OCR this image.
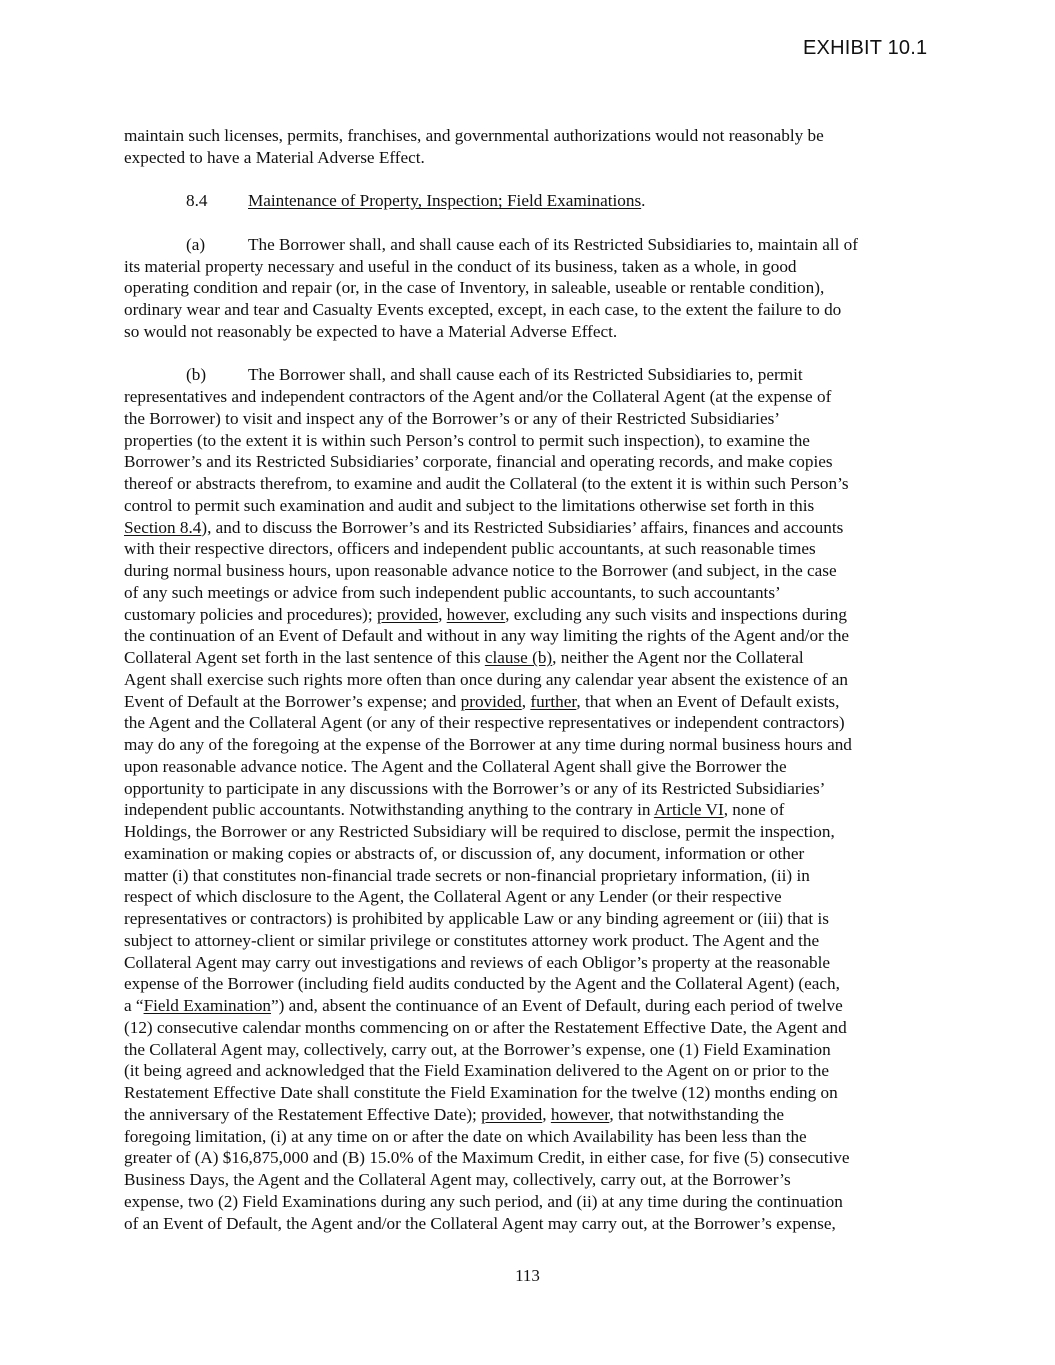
EXHIBIT 10.1
maintain such licenses, permits, franchises, and governmental authorizations would not reasonably be
expected to have a Material Adverse Effect.
8.4 Maintenance of Property, Inspection; Field Examinations.
(a) The Borrower shall, and shall cause each of its Restricted Subsidiaries to, maintain all of
its material property necessary and useful in the conduct of its business, taken as a whole, in good
operating condition and repair (or, in the case of Inventory, in saleable, useable or rentable condition),
ordinary wear and tear and Casualty Events excepted, except, in each case, to the extent the failure to do
so would not reasonably be expected to have a Material Adverse Effect.
(b) The Borrower shall, and shall cause each of its Restricted Subsidiaries to, permit
representatives and independent contractors of the Agent and/or the Collateral Agent (at the expense of
the Borrower) to visit and inspect any of the Borrower’s or any of their Restricted Subsidiaries’
properties (to the extent it is within such Person’s control to permit such inspection), to examine the
Borrower’s and its Restricted Subsidiaries’ corporate, financial and operating records, and make copies
thereof or abstracts therefrom, to examine and audit the Collateral (to the extent it is within such Person’s
control to permit such examination and audit and subject to the limitations otherwise set forth in this
Section 8.4), and to discuss the Borrower’s and its Restricted Subsidiaries’ affairs, finances and accounts
with their respective directors, officers and independent public accountants, at such reasonable times
during normal business hours, upon reasonable advance notice to the Borrower (and subject, in the case
of any such meetings or advice from such independent public accountants, to such accountants’
customary policies and procedures); provided, however, excluding any such visits and inspections during
the continuation of an Event of Default and without in any way limiting the rights of the Agent and/or the
Collateral Agent set forth in the last sentence of this clause (b), neither the Agent nor the Collateral
Agent shall exercise such rights more often than once during any calendar year absent the existence of an
Event of Default at the Borrower’s expense; and provided, further, that when an Event of Default exists,
the Agent and the Collateral Agent (or any of their respective representatives or independent contractors)
may do any of the foregoing at the expense of the Borrower at any time during normal business hours and
upon reasonable advance notice. The Agent and the Collateral Agent shall give the Borrower the
opportunity to participate in any discussions with the Borrower’s or any of its Restricted Subsidiaries’
independent public accountants. Notwithstanding anything to the contrary in Article VI, none of
Holdings, the Borrower or any Restricted Subsidiary will be required to disclose, permit the inspection,
examination or making copies or abstracts of, or discussion of, any document, information or other
matter (i) that constitutes non-financial trade secrets or non-financial proprietary information, (ii) in
respect of which disclosure to the Agent, the Collateral Agent or any Lender (or their respective
representatives or contractors) is prohibited by applicable Law or any binding agreement or (iii) that is
subject to attorney-client or similar privilege or constitutes attorney work product. The Agent and the
Collateral Agent may carry out investigations and reviews of each Obligor’s property at the reasonable
expense of the Borrower (including field audits conducted by the Agent and the Collateral Agent) (each,
a “Field Examination”) and, absent the continuance of an Event of Default, during each period of twelve
(12) consecutive calendar months commencing on or after the Restatement Effective Date, the Agent and
the Collateral Agent may, collectively, carry out, at the Borrower’s expense, one (1) Field Examination
(it being agreed and acknowledged that the Field Examination delivered to the Agent on or prior to the
Restatement Effective Date shall constitute the Field Examination for the twelve (12) months ending on
the anniversary of the Restatement Effective Date); provided, however, that notwithstanding the
foregoing limitation, (i) at any time on or after the date on which Availability has been less than the
greater of (A) $16,875,000 and (B) 15.0% of the Maximum Credit, in either case, for five (5) consecutive
Business Days, the Agent and the Collateral Agent may, collectively, carry out, at the Borrower’s
expense, two (2) Field Examinations during any such period, and (ii) at any time during the continuation
of an Event of Default, the Agent and/or the Collateral Agent may carry out, at the Borrower’s expense,
113
